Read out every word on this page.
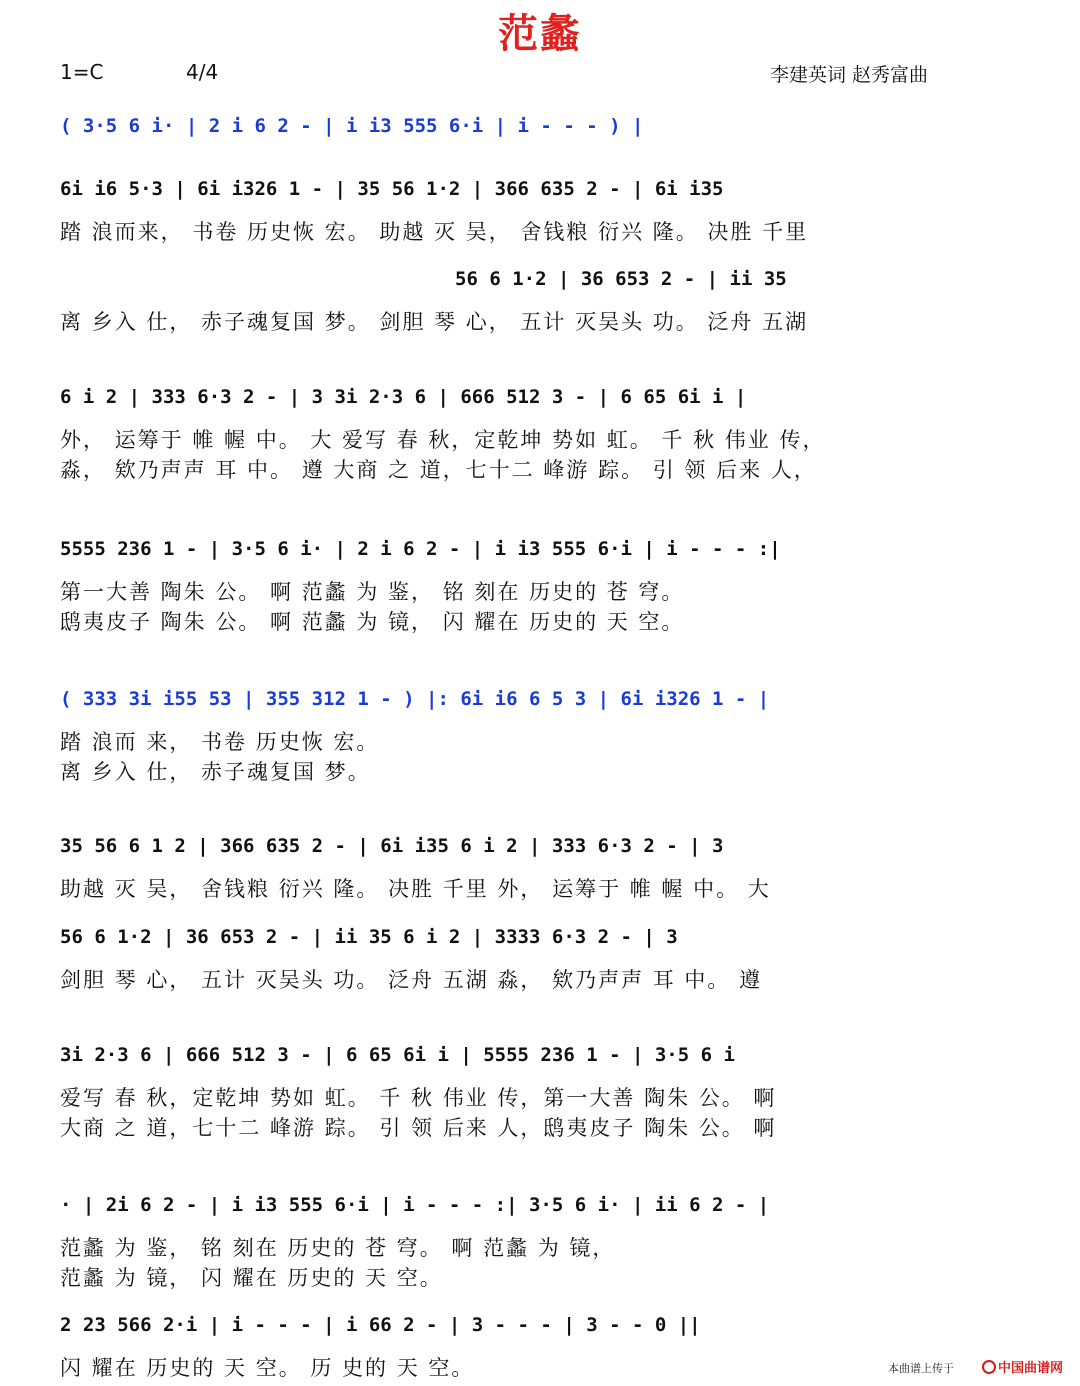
范蠡
1=C	4/4	李建英词 赵秀富曲
( 3·5 6 i· | 2 i 6 2 - | i i3 555 6·i | i - - - ) |
6i i6 5·3 | 6i i326 1 - | 35 56 1·2 | 366 635 2 - | 6i i35
踏 浪而来， 书卷 历史恢 宏。 助越 灭 吴， 舍钱粮 衍兴 隆。 决胜 千里
56 6 1·2 | 36 653 2 - | ii 35
离 乡入 仕， 赤子魂复国 梦。 剑胆 琴 心， 五计 灭吴头 功。 泛舟 五湖
6 i 2 | 333 6·3 2 - | 3 3i 2·3 6 | 666 512 3 - | 6 65 6i i |
外， 运筹于 帷 幄 中。 大 爱写 春 秋，定乾坤 势如 虹。 千 秋 伟业 传，
淼， 欸乃声声 耳 中。 遵 大商 之 道，七十二 峰游 踪。 引 领 后来 人，
5555 236 1 - | 3·5 6 i· | 2 i 6 2 - | i i3 555 6·i | i - - - :|
第一大善 陶朱 公。 啊 范蠡 为 鉴， 铭 刻在 历史的 苍 穹。
鸱夷皮子 陶朱 公。 啊 范蠡 为 镜， 闪 耀在 历史的 天 空。
( 333 3i i55 53 | 355 312 1 - ) |: 6i i6 6 5 3 | 6i i326 1 - |
踏 浪而 来， 书卷 历史恢 宏。
离 乡入 仕， 赤子魂复国 梦。
35 56 6 1 2 | 366 635 2 - | 6i i35 6 i 2 | 333 6·3 2 - | 3
助越 灭 吴， 舍钱粮 衍兴 隆。 决胜 千里 外， 运筹于 帷 幄 中。 大
56 6 1·2 | 36 653 2 - | ii 35 6 i 2 | 3333 6·3 2 - | 3
剑胆 琴 心， 五计 灭吴头 功。 泛舟 五湖 淼， 欸乃声声 耳 中。 遵
3i 2·3 6 | 666 512 3 - | 6 65 6i i | 5555 236 1 - | 3·5 6 i
爱写 春 秋，定乾坤 势如 虹。 千 秋 伟业 传，第一大善 陶朱 公。 啊
大商 之 道，七十二 峰游 踪。 引 领 后来 人，鸱夷皮子 陶朱 公。 啊
· | 2i 6 2 - | i i3 555 6·i | i - - - :| 3·5 6 i· | ii 6 2 - |
范蠡 为 鉴， 铭 刻在 历史的 苍 穹。 啊 范蠡 为 镜，
范蠡 为 镜， 闪 耀在 历史的 天 空。
2 23 566 2·i | i - - - | i 66 2 - | 3 - - - | 3 - - 0 ||
闪 耀在 历史的 天 空。 历 史的 天 空。	本曲谱上传于	中国曲谱网
